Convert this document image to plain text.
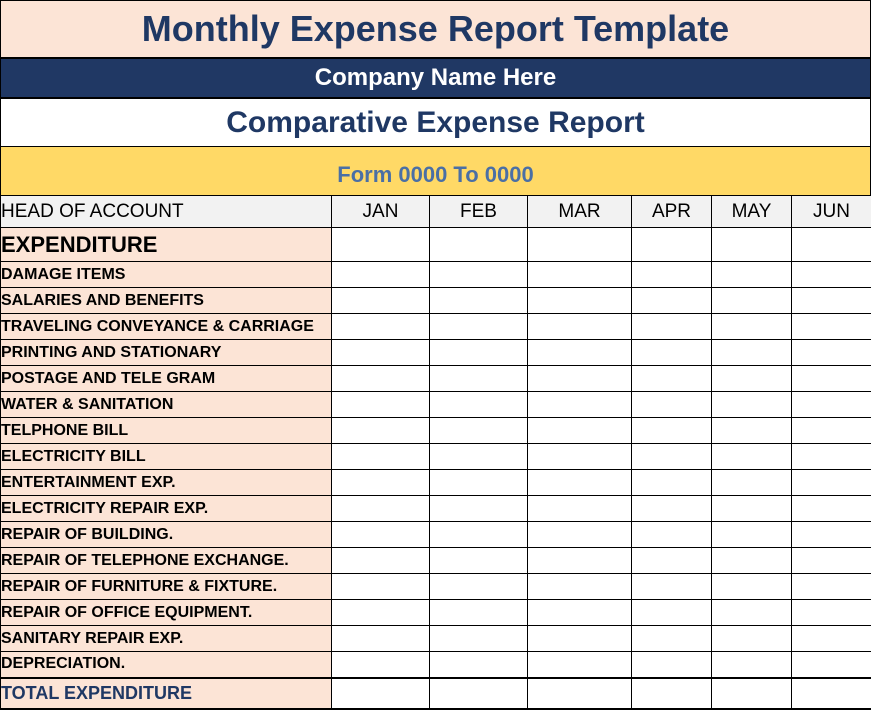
Monthly Expense Report Template
Company Name Here
Comparative Expense Report
Form 0000 To 0000
HEAD OF ACCOUNT	JAN	FEB	MAR	APR	MAY	JUN
EXPENDITURE						
DAMAGE ITEMS						
SALARIES AND BENEFITS						
TRAVELING CONVEYANCE & CARRIAGE						
PRINTING AND STATIONARY						
POSTAGE AND TELE GRAM						
WATER & SANITATION						
TELPHONE BILL						
ELECTRICITY BILL						
ENTERTAINMENT EXP.						
ELECTRICITY REPAIR EXP.						
REPAIR OF BUILDING.						
REPAIR OF TELEPHONE EXCHANGE.						
REPAIR OF FURNITURE & FIXTURE.						
REPAIR OF OFFICE EQUIPMENT.						
SANITARY REPAIR EXP.						
DEPRECIATION.						
TOTAL EXPENDITURE						
